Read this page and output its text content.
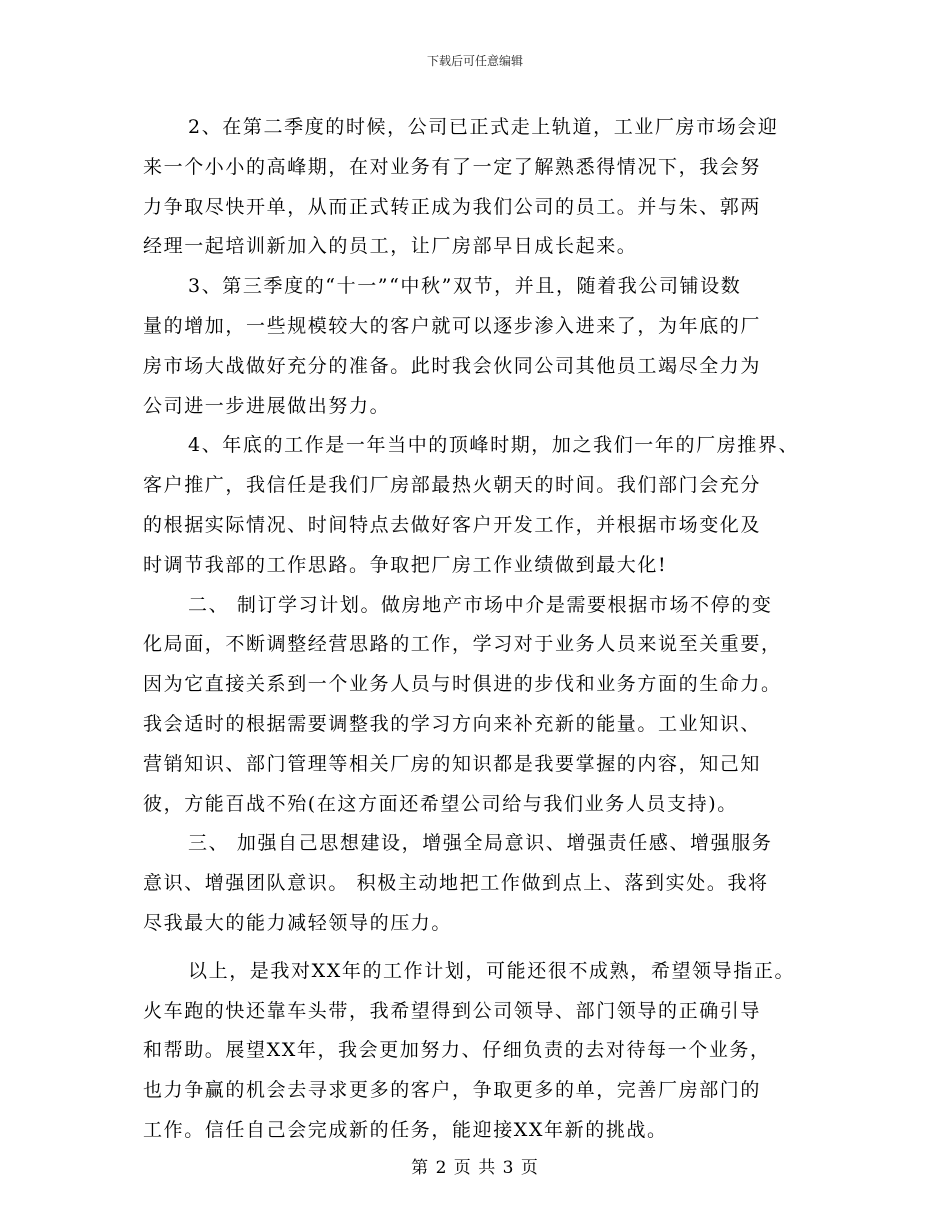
下载后可任意编辑
2、在第二季度的时候，公司已正式走上轨道，工业厂房市场会迎
来一个小小的高峰期，在对业务有了一定了解熟悉得情况下，我会努
力争取尽快开单，从而正式转正成为我们公司的员工。并与朱、郭两
经理一起培训新加入的员工，让厂房部早日成长起来。
3、第三季度的“十一”“中秋”双节，并且，随着我公司铺设数
量的增加，一些规模较大的客户就可以逐步渗入进来了，为年底的厂
房市场大战做好充分的准备。此时我会伙同公司其他员工竭尽全力为
公司进一步进展做出努力。
4、年底的工作是一年当中的顶峰时期，加之我们一年的厂房推界、
客户推广，我信任是我们厂房部最热火朝天的时间。我们部门会充分
的根据实际情况、时间特点去做好客户开发工作，并根据市场变化及
时调节我部的工作思路。争取把厂房工作业绩做到最大化!
二、 制订学习计划。做房地产市场中介是需要根据市场不停的变
化局面，不断调整经营思路的工作，学习对于业务人员来说至关重要，
因为它直接关系到一个业务人员与时俱进的步伐和业务方面的生命力。
我会适时的根据需要调整我的学习方向来补充新的能量。工业知识、
营销知识、部门管理等相关厂房的知识都是我要掌握的内容，知己知
彼，方能百战不殆(在这方面还希望公司给与我们业务人员支持)。
三、 加强自己思想建设，增强全局意识、增强责任感、增强服务
意识、增强团队意识。 积极主动地把工作做到点上、落到实处。我将
尽我最大的能力减轻领导的压力。
以上，是我对XX年的工作计划，可能还很不成熟，希望领导指正。
火车跑的快还靠车头带，我希望得到公司领导、部门领导的正确引导
和帮助。展望XX年，我会更加努力、仔细负责的去对待每一个业务，
也力争赢的机会去寻求更多的客户，争取更多的单，完善厂房部门的
工作。信任自己会完成新的任务，能迎接XX年新的挑战。
第 2 页 共 3 页
